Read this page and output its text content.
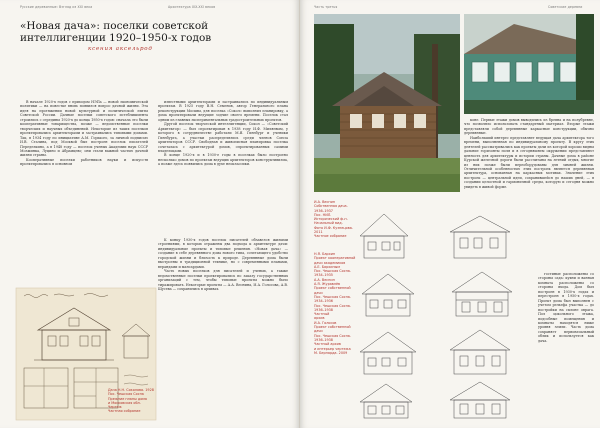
Русские деревянные: Взгляд из XXI века	Архитектура XIX-XXI веков
«Новая дача»: поселки советской интеллигенции 1920–1950-х годов
ксения аксельрод

В начале 1920-х годов с приходом НЭПа — новой экономической политики — на повестке вновь появился вопрос дачной жизни. Эта идея на протяжении новой культурной и политической элиты Советской России. Дачные поселки советского истеблишмента строились с середины 1920-х до конца 1950-х годов: сначала это были кооперативные товарищества, позже — ведомственные поселки творческих и научных объединений. Некоторые из таких поселков проектировались архитекторами и застраивались типовыми домами. Так, в 1934 году по инициативе А.М. Горького, за личной подписью И.В. Сталина, под Москвой был построен поселок писателей Переделкино, а в 1948 году — поселок ученых Академии наук СССР Мозжинка, Луцино и Абрамцево; они стали важной частью дачной жизни страны.

Кооперативные поселки работников науки и искусств проектировались в основном

известными архитекторами и застраивались по индивидуальным проектам. В 1925 году В.Н. Семенов, автор Генерального плана реконструкции Москвы, для поселка «Сокол» выполнил планировку, а дома проектировали ведущие зодчие своего времени. Поселок стал одним из главных экспериментальных градостроительных проектов.

Другой поселок творческой интеллигенции, Сокол — «Советский Архитектор» — был спроектирован в 1938 году И.Ф. Миляевым, у которого в сотрудничестве работали М.Я. Гинзбург и ученики Гинзбурга, а участки распределялись среди членов Союза архитекторов СССР. Свободная и живописная планировка поселка сочеталась с архитектурой домов, спроектированных самими владельцами.

В конце 1920-х и в 1930-е годы в поселках было построено несколько домов по проектам ведущих архитекторов конструктивизма, а позже здесь появились дома в духе неоклассики.

К концу 1930-х годов поселок писателей обзавелся жилыми строениями, в которых отражены два подхода к архитектуре дачи: индивидуальные проекты и типовые решения. «Новая дача» — создание в себе деревянного дома нового типа, сочетающего удобство городской жизни и близость к природе. Деревянные дома были выстроены в традиционной технике, но с современными планами, верандами и мансардами.

Часть новых поселков для писателей и ученых, а также ведомственные поселки проектировались по заказу государственных организаций с тем, чтобы типовые проекты можно было тиражировать. Некоторые проекты — А.А. Веснина, И.А. Голосова, А.В. Щусева — сохранились в архивах.

Дача Н.Н. Соколова. 1928
Пос. Чешская Сосна
Прежние планы дома
и Московская обл.
Чертеж
Частная собрание
Часть третья	Советские деревни

коне. Первые этажи домов выводились из бревна и на полубревне, что позволяло использовать стандартный материал. Вторые этажи представляли собой деревянные каркасные конструкции, обычно деревянные.

Наибольший интерес представляет ведущая дача архитектора того времени, выполненная по индивидуальному проекту. В кругу этих деятелей рассматривались как проекты дачи из которой хорошо видны дальние горизонты поля и в сегодняшнем окружении представляют ценность для архитектуры и истории страны. Дачные дома в районе Курской железной дороги были рассчитаны на летний отдых, многие из них позже были переоборудованы для зимней жизни. Отличительной особенностью этих построек является деревянная архитектура, основанная на каркасных мотивах. Значение этих построек — центральной идеи, сохранившейся до наших дней, — в создании целостной и гармоничной среды, которую и сегодня можно увидеть в живой форме.

И.А. Веснин
Собственная дача.
1936–1937
Пос. НИЛ.
Исторический ф-н.
Начальный вид.
Фото И.Ф. Кузнецова.
2011
Частное собрание
Н.Я. Бархин
Проект кооперативной
дачи академиков
А.Е. Бархиным
Пос. Чешская Сосна.
1934–1935
А.А. Веснин
А.Я. Журавлёв
Проект собственной
дачи
Пос. Чешская Сосна.
1934–1936
Пос. Чешская Сосна.
1936–1938
Частный
архив
И.А. Голосов
Проект собственной
дачи
Пос. Чешская Сосна.
1936–1938
Частный архив
и интерьер чертежа
М. Бернарда. 2009

гостиные расположены со стороны сада: кухни и ванная комната расположены со стороны входа. Дом был построен в 1930-х годах и перестроен в 1950-х годах. Проект дома был выполнен с учетом рельефа участка — до постройки на склоне оврага. Пол цокольного этажа, подсобные помещения и комнаты находятся ниже уровня земли. Часть дома сохраняет первоначальный облик и используется как дача.
